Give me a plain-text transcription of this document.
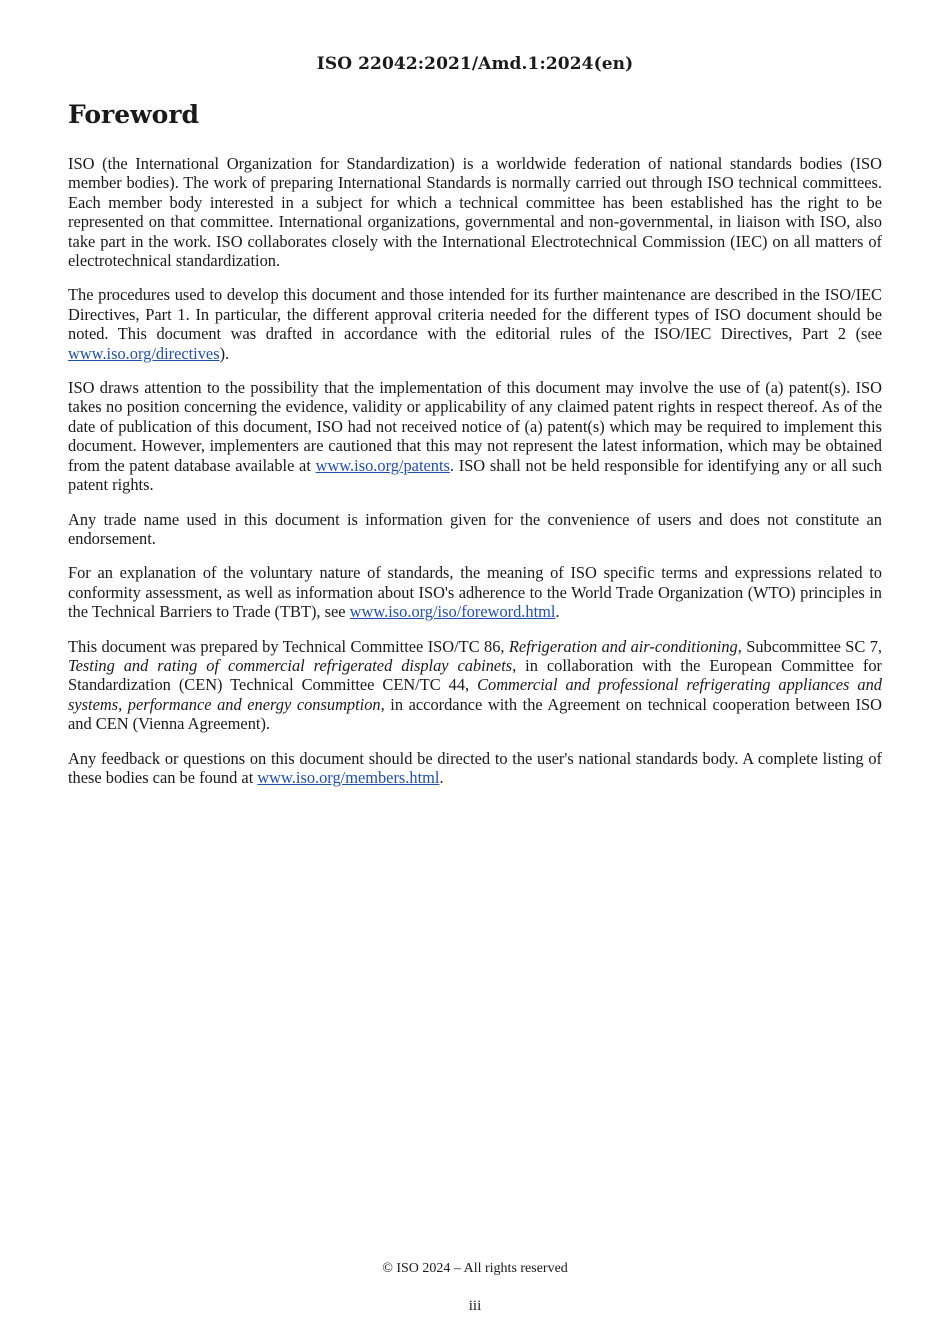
ISO 22042:2021/Amd.1:2024(en)
Foreword

ISO (the International Organization for Standardization) is a worldwide federation of national standards bodies (ISO member bodies). The work of preparing International Standards is normally carried out through ISO technical committees. Each member body interested in a subject for which a technical committee has been established has the right to be represented on that committee. International organizations, governmental and non-governmental, in liaison with ISO, also take part in the work. ISO collaborates closely with the International Electrotechnical Commission (IEC) on all matters of electrotechnical standardization.

The procedures used to develop this document and those intended for its further maintenance are described in the ISO/IEC Directives, Part 1. In particular, the different approval criteria needed for the different types of ISO document should be noted. This document was drafted in accordance with the editorial rules of the ISO/IEC Directives, Part 2 (see www.iso.org/directives).

ISO draws attention to the possibility that the implementation of this document may involve the use of (a) patent(s). ISO takes no position concerning the evidence, validity or applicability of any claimed patent rights in respect thereof. As of the date of publication of this document, ISO had not received notice of (a) patent(s) which may be required to implement this document. However, implementers are cautioned that this may not represent the latest information, which may be obtained from the patent database available at www.iso.org/patents. ISO shall not be held responsible for identifying any or all such patent rights.

Any trade name used in this document is information given for the convenience of users and does not constitute an endorsement.

For an explanation of the voluntary nature of standards, the meaning of ISO specific terms and expressions related to conformity assessment, as well as information about ISO's adherence to the World Trade Organization (WTO) principles in the Technical Barriers to Trade (TBT), see www.iso.org/iso/foreword.html.

This document was prepared by Technical Committee ISO/TC 86, Refrigeration and air-conditioning, Subcommittee SC 7, Testing and rating of commercial refrigerated display cabinets, in collaboration with the European Committee for Standardization (CEN) Technical Committee CEN/TC 44, Commercial and professional refrigerating appliances and systems, performance and energy consumption, in accordance with the Agreement on technical cooperation between ISO and CEN (Vienna Agreement).

Any feedback or questions on this document should be directed to the user's national standards body. A complete listing of these bodies can be found at www.iso.org/members.html.

© ISO 2024 – All rights reserved
iii
